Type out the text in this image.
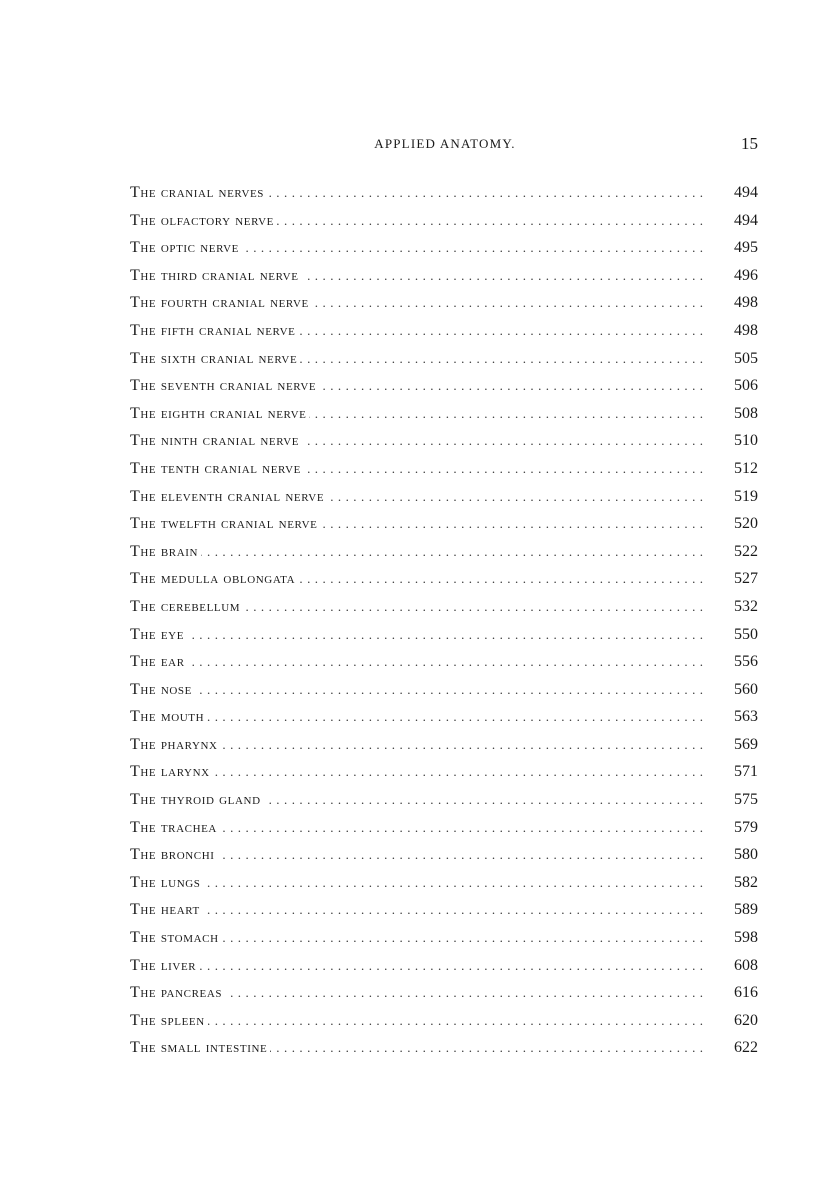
APPLIED ANATOMY.	15
The cranial nerves	494
. . .
The olfactory nerve	494
. . .
The optic nerve	495
. . .
The third cranial nerve	496
. . .
The fourth cranial nerve	498
. . .
The fifth cranial nerve	498
. . .
The sixth cranial nerve	505
. . .
The seventh cranial nerve	506
. . .
The eighth cranial nerve	508
. . .
The ninth cranial nerve	510
. . .
The tenth cranial nerve	512
. . .
The eleventh cranial nerve	519
. . .
The twelfth cranial nerve	520
. . .
The brain	522
. . .
The medulla oblongata	527
. . .
The cerebellum	532
. . .
The eye	550
. . .
The ear	556
. . .
The nose	560
. . .
The mouth	563
. . .
The pharynx	569
. . .
The larynx	571
. . .
The thyroid gland	575
. . .
The trachea	579
. . .
The bronchi	580
. . .
The lungs	582
. . .
The heart	589
. . .
The stomach	598
. . .
The liver	608
. . .
The pancreas	616
. . .
The spleen	620
. . .
The small intestine	622
. . .
